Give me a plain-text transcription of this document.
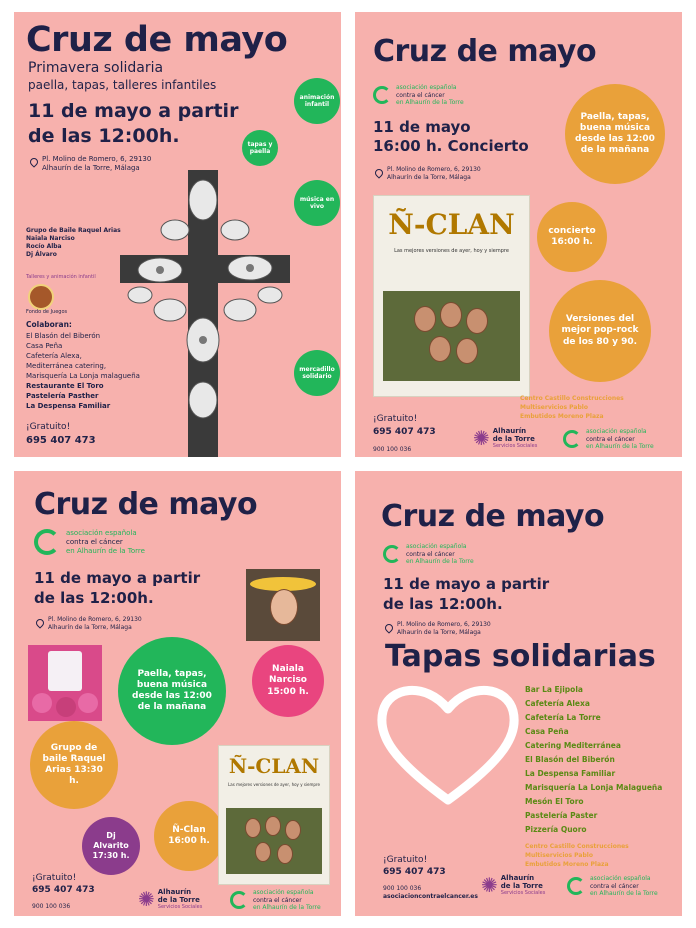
Cruz de mayo
Primavera solidaria
paella, tapas, talleres infantiles
11 de mayo a partir
de las 12:00h.
Pl. Molino de Romero, 6, 29130
Alhaurín de la Torre, Málaga
animación infantil
tapas y paella
música en vivo
mercadillo solidario
Grupo de Baile Raquel Arias
Naiala Narciso
Rocío Alba
Dj Álvaro
Talleres y animación infantil
Fondo de Juegos
Colaboran:
El Blasón del Biberón
Casa Peña
Cafetería Alexa,
Mediterránea catering,
Marisquería La Lonja malagueña
Restaurante El Toro
Pastelería Pasther
La Despensa Familiar
¡Gratuito!
695 407 473
Cruz de mayo
asociación española
contra el cáncer
en Alhaurín de la Torre
11 de mayo
16:00 h. Concierto
Pl. Molino de Romero, 6, 29130
Alhaurín de la Torre, Málaga
Ñ-CLAN
Las mejores versiones de ayer, hoy y siempre
Paella, tapas, buena música desde las 12:00 de la mañana
concierto 16:00 h.
Versiones del mejor pop-rock de los 80 y 90.
Centro Castillo Construcciones
Multiservicios Pablo
Embutidos Moreno Plaza
¡Gratuito!
695 407 473
900 100 036	✺ Alhaurín
de la Torre
Servicios Sociales
asociación española
contra el cáncer
en Alhaurín de la Torre
Cruz de mayo
asociación española
contra el cáncer
en Alhaurín de la Torre
11 de mayo a partir
de las 12:00h.
Pl. Molino de Romero, 6, 29130
Alhaurín de la Torre, Málaga
Paella, tapas, buena música desde las 12:00 de la mañana
Naiala Narciso 15:00 h.
Grupo de baile Raquel Arias 13:30 h.
Dj Alvarito 17:30 h.
Ñ-Clan 16:00 h.
Ñ-CLAN
Las mejores versiones de ayer, hoy y siempre
¡Gratuito!
695 407 473
900 100 036	✺ Alhaurín
de la Torre
Servicios Sociales
asociación española
contra el cáncer
en Alhaurín de la Torre
Cruz de mayo
asociación española
contra el cáncer
en Alhaurín de la Torre
11 de mayo a partir
de las 12:00h.
Pl. Molino de Romero, 6, 29130
Alhaurín de la Torre, Málaga
Tapas solidarias
Bar La Ejipola
Cafetería Alexa
Cafetería La Torre
Casa Peña
Catering Mediterránea
El Blasón del Biberón
La Despensa Familiar
Marisquería La Lonja Malagueña
Mesón El Toro
Pastelería Paster
Pizzería Quoro
Centro Castillo Construcciones
Multiservicios Pablo
Embutidos Moreno Plaza
¡Gratuito!
695 407 473
900 100 036
asociacioncontraelcancer.es ✺ Alhaurín
de la Torre
Servicios Sociales
asociación española
contra el cáncer
en Alhaurín de la Torre
